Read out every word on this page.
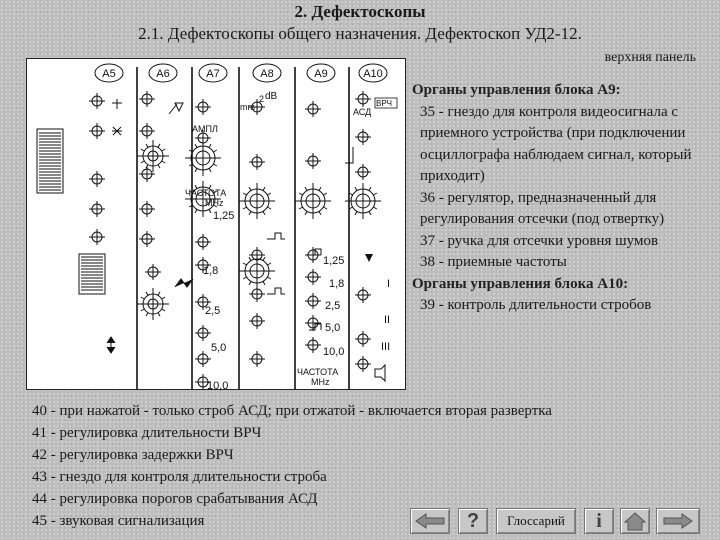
2. Дефектоскопы
2.1. Дефектоскопы общего назначения. Дефектоскоп УД2-12.
верхняя панель
А5	А6	А7	А8	А9	А10
АМПЛ
ЧАСТОТА
MHz
1,25
1,8
2,5
5,0
10,0
mm
2 dB
1,25
1,8
2,5
5,0
10,0
ЧАСТОТА
MHz
ВРЧ
АСД
I
II
III
Органы управления блока А9:
35 - гнездо для контроля видеосигнала с приемного устройства (при подключении осциллографа наблюдаем сигнал, который приходит)
36 - регулятор, предназначенный для регулирования отсечки (под отвертку)
37 - ручка для отсечки уровня шумов
38 - приемные частоты
Органы управления блока А10:
39 - контроль длительности стробов
40 - при нажатой - только строб АСД; при отжатой - включается вторая развертка
41 - регулировка длительности ВРЧ
42 - регулировка задержки ВРЧ
43 - гнездо для контроля длительности строба
44 - регулировка порогов срабатывания АСД
45 - звуковая сигнализация	? Глоссарий i
